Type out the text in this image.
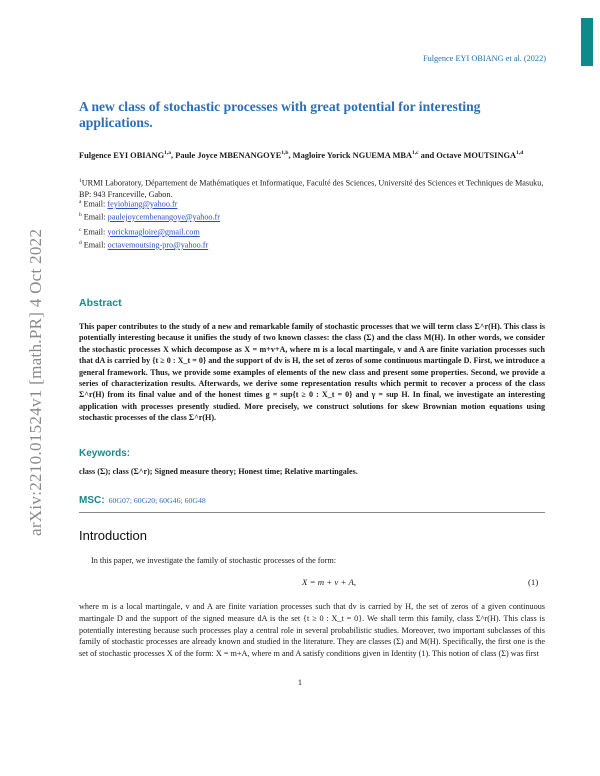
Fulgence EYI OBIANG et al. (2022)
arXiv:2210.01524v1 [math.PR] 4 Oct 2022
A new class of stochastic processes with great potential for interesting applications.
Fulgence EYI OBIANG$^{1,a}$, Paule Joyce MBENANGOYE$^{1,b}$, Magloire Yorick NGUEMA MBA$^{1,c}$ and Octave MOUTSINGA$^{1,d}$
$^1$URMI Laboratory, Département de Mathématiques et Informatique, Faculté des Sciences, Université des Sciences et Techniques de Masuku, BP: 943 Franceville, Gabon.
$^a$ Email: feyiobiang@yahoo.fr
$^b$ Email: paulejoycembenangoye@yahoo.fr
$^c$ Email: yorickmagloire@gmail.com
$^d$ Email: octavemoutsing-pro@yahoo.fr
Abstract

This paper contributes to the study of a new and remarkable family of stochastic processes that we will term class Σ^r(H). This class is potentially interesting because it unifies the study of two known classes: the class (Σ) and the class M(H). In other words, we consider the stochastic processes X which decompose as X = m+v+A, where m is a local martingale, v and A are finite variation processes such that dA is carried by {t ≥ 0 : X_t = 0} and the support of dv is H, the set of zeros of some continuous martingale D. First, we introduce a general framework. Thus, we provide some examples of elements of the new class and present some properties. Second, we provide a series of characterization results. Afterwards, we derive some representation results which permit to recover a process of the class Σ^r(H) from its final value and of the honest times g = sup{t ≥ 0 : X_t = 0} and γ = sup H. In final, we investigate an interesting application with processes presently studied. More precisely, we construct solutions for skew Brownian motion equations using stochastic processes of the class Σ^r(H).

Keywords:

class (Σ); class (Σ^r); Signed measure theory; Honest time; Relative martingales.

MSC: 60G07; 60G20; 60G46; 60G48
Introduction

In this paper, we investigate the family of stochastic processes of the form:

X = m + v + A,	(1)

where m is a local martingale, v and A are finite variation processes such that dv is carried by H, the set of zeros of a given continuous martingale D and the support of the signed measure dA is the set {t ≥ 0 : X_t = 0}. We shall term this family, class Σ^r(H). This class is potentially interesting because such processes play a central role in several probabilistic studies. Moreover, two important subclasses of this family of stochastic processes are already known and studied in the literature. They are classes (Σ) and M(H). Specifically, the first one is the set of stochastic processes X of the form: X = m+A, where m and A satisfy conditions given in Identity (1). This notion of class (Σ) was first

1
